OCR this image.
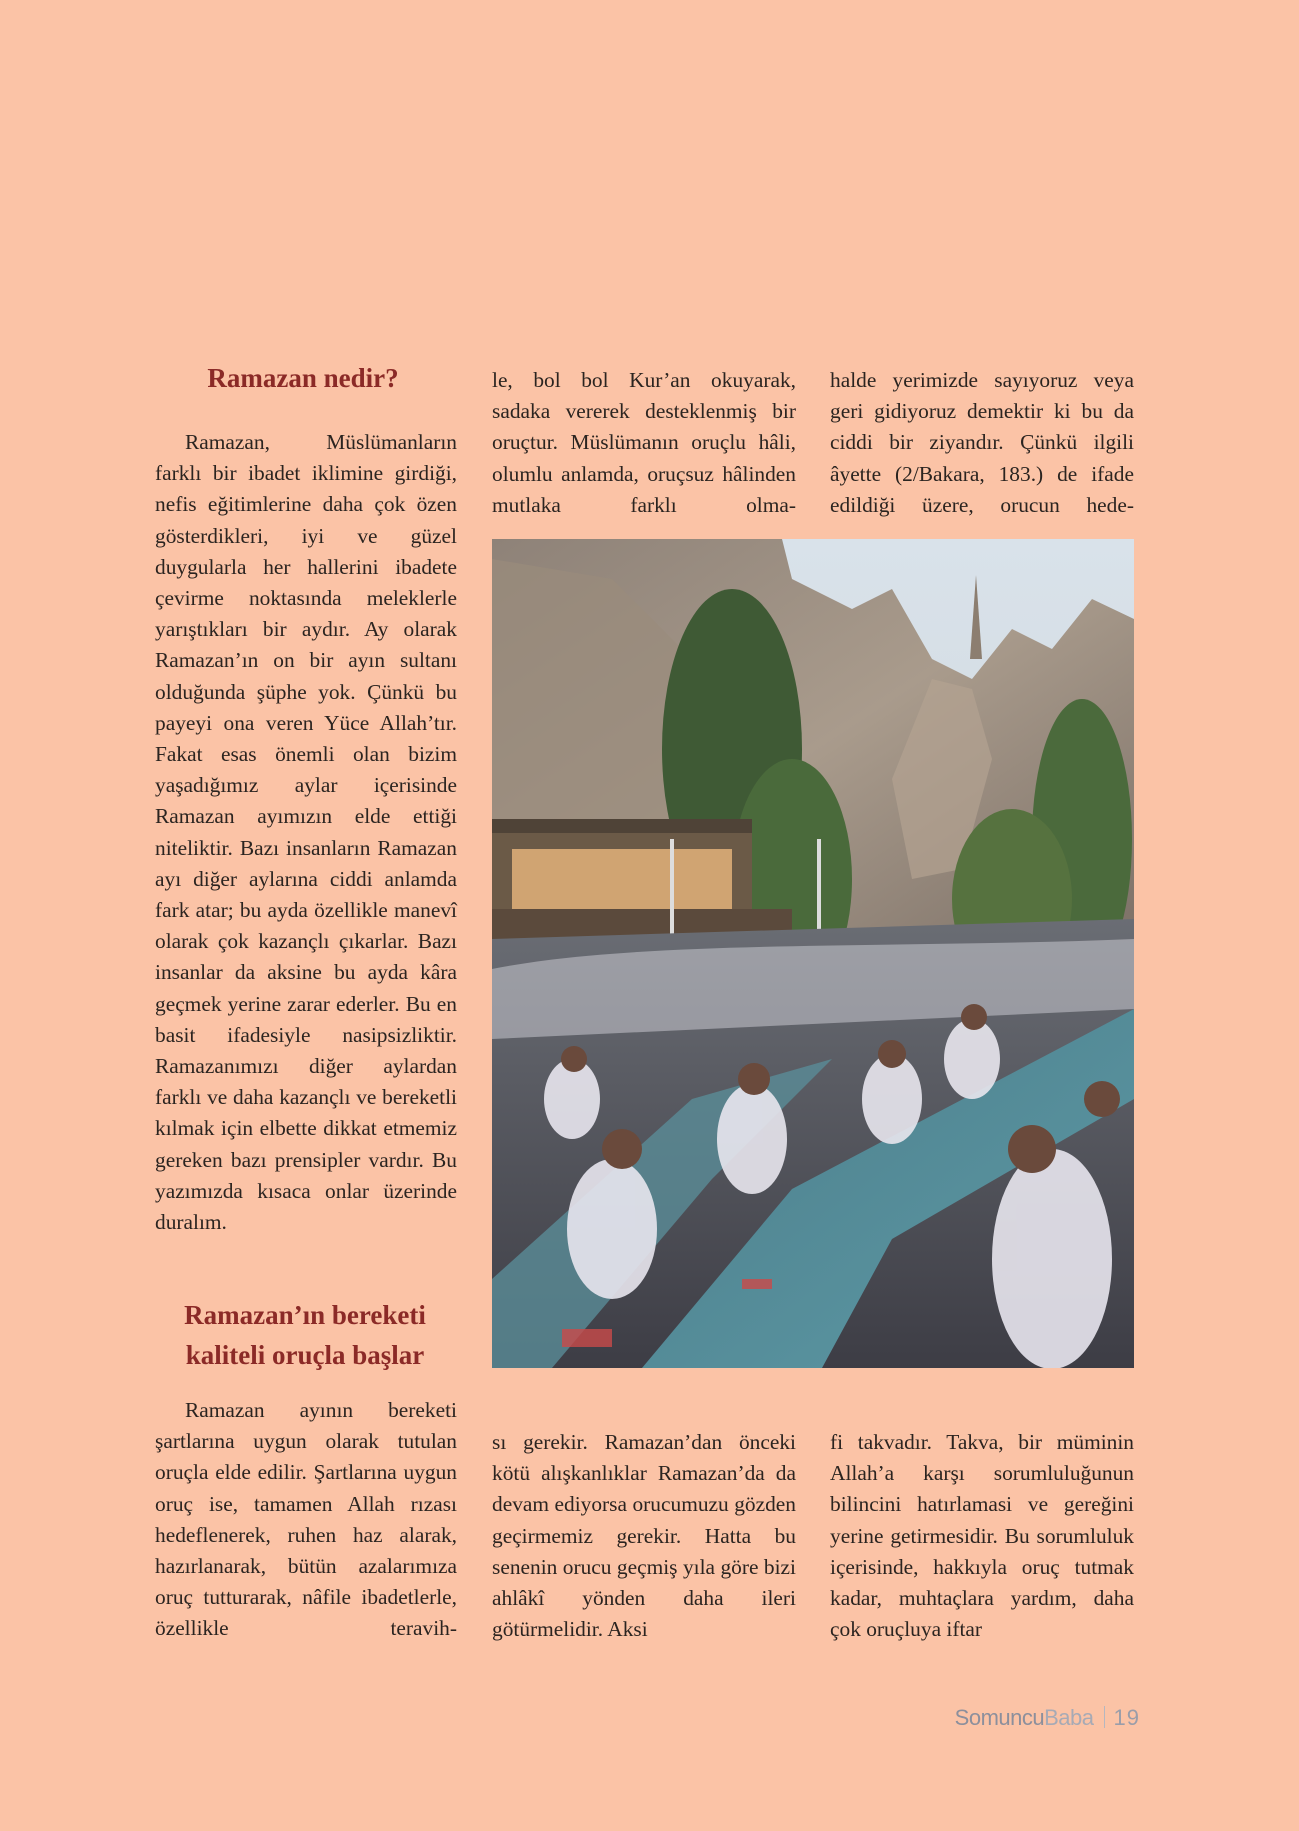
Ramazan nedir?

Ramazan, Müslümanların farklı bir ibadet iklimine girdiği, nefis eğitimlerine daha çok özen gösterdikleri, iyi ve güzel duygularla her hallerini ibadete çevirme noktasında meleklerle yarıştıkları bir aydır. Ay olarak Ramazan’ın on bir ayın sultanı olduğunda şüphe yok. Çünkü bu payeyi ona veren Yüce Allah’tır. Fakat esas önemli olan bizim yaşadığımız aylar içerisinde Ramazan ayımızın elde ettiği niteliktir. Bazı insanların Ramazan ayı diğer aylarına ciddi anlamda fark atar; bu ayda özellikle manevî olarak çok kazançlı çıkarlar. Bazı insanlar da aksine bu ayda kâra geçmek yerine zarar ederler. Bu en basit ifadesiyle nasipsizliktir. Ramazanımızı diğer aylardan farklı ve daha kazançlı ve bereketli kılmak için elbette dikkat etmemiz gereken bazı prensipler vardır. Bu yazımızda kısaca onlar üzerinde duralım.

Ramazan’ın bereketi kaliteli oruçla başlar

Ramazan ayının bereketi şartlarına uygun olarak tutulan oruçla elde edilir. Şartlarına uygun oruç ise, tamamen Allah rızası hedeflenerek, ruhen haz alarak, hazırlanarak, bütün azalarımıza oruç tutturarak, nâfile ibadetlerle, özellikle teravih-

le, bol bol Kur’an okuyarak, sadaka vererek desteklenmiş bir oruçtur. Müslümanın oruçlu hâli, olumlu anlamda, oruçsuz hâlinden mutlaka farklı olma-

sı gerekir. Ramazan’dan önceki kötü alışkanlıklar Ramazan’da da devam ediyorsa orucumuzu gözden geçirmemiz gerekir. Hatta bu senenin orucu geçmiş yıla göre bizi ahlâkî yönden daha ileri götürmelidir. Aksi

halde yerimizde sayıyoruz veya geri gidiyoruz demektir ki bu da ciddi bir ziyandır. Çünkü ilgili âyette (2/Bakara, 183.) de ifade edildiği üzere, orucun hede-

fi takvadır. Takva, bir müminin Allah’a karşı sorumluluğunun bilincini hatırlamasi ve gereğini yerine getirmesidir. Bu sorumluluk içerisinde, hakkıyla oruç tutmak kadar, muhtaçlara yardım, daha çok oruçluya iftar

SomuncuBaba 19
